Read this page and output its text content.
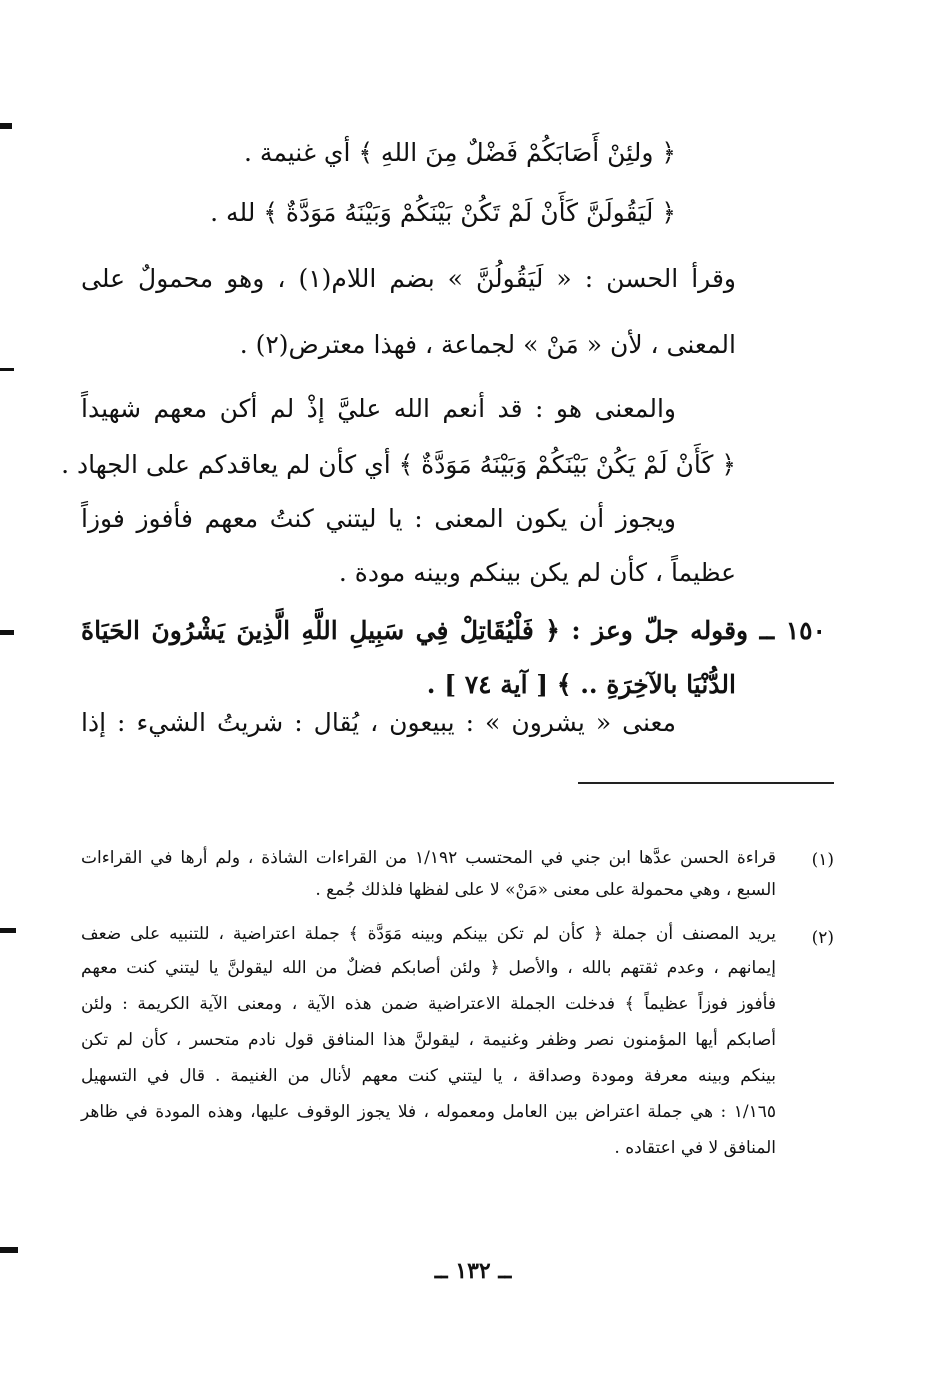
﴿ ولئِنْ أَصَابَكُمْ فَضْلٌ مِنَ اللهِ ﴾ أي غنيمة .
﴿ لَيَقُولَنَّ كَأَنْ لَمْ تَكُنْ بَيْنَكُمْ وَبَيْنَهُ مَوَدَّةٌ ﴾ لله .
وقرأ الحسن : « لَيَقُولُنَّ » بضم اللام(١) ، وهو محمولٌ على
المعنى ، لأن « مَنْ » لجماعة ، فهذا معترض(٢) .
والمعنى هو : قد أنعم الله عليَّ إذْ لم أكن معهم شهيداً
﴿ كَأَنْ لَمْ يَكُنْ بَيْنَكُمْ وَبَيْنَهُ مَوَدَّةٌ ﴾ أي كأن لم يعاقدكم على الجهاد .
ويجوز أن يكون المعنى : يا ليتني كنتُ معهم فأفوز فوزاً
عظيماً ، كأن لم يكن بينكم وبينه مودة .
١٥٠ ــ وقوله جلّ وعز : ﴿ فَلْيُقَاتِلْ فِي سَبِيلِ اللَّهِ الَّذِينَ يَشْرُونَ الحَيَاةَ
الدُّنْيَا بالآخِرَةِ .. ﴾ [ آية ٧٤ ] .
معنى « يشرون » : يبيعون ، يُقال : شريتُ الشيء : إذا
(١)
قراءة الحسن عدَّها ابن جني في المحتسب ١/١٩٢ من القراءات الشاذة ، ولم أرها في القراءات
السبع ، وهي محمولة على معنى «مَنْ» لا على لفظها فلذلك جُمع .
(٢)
يريد المصنف أن جملة ﴿ كأن لم تكن بينكم وبينه مَوَدَّة ﴾ جملة اعتراضية ، للتنبيه على ضعف
إيمانهم ، وعدم ثقتهم بالله ، والأصل ﴿ ولئن أصابكم فضلٌ من الله ليقولنَّ يا ليتني كنت معهم
فأفوز فوزاً عظيماً ﴾ فدخلت الجملة الاعتراضية ضمن هذه الآية ، ومعنى الآية الكريمة : ولئن
أصابكم أيها المؤمنون نصر وظفر وغنيمة ، ليقولنَّ هذا المنافق قول نادم متحسر ، كأن لم تكن
بينكم وبينه معرفة ومودة وصداقة ، يا ليتني كنت معهم لأنال من الغنيمة . قال في التسهيل
١/١٦٥ : هي جملة اعتراض بين العامل ومعموله ، فلا يجوز الوقوف عليها، وهذه المودة في ظاهر
المنافق لا في اعتقاده .
ــ ١٣٢ ــ
